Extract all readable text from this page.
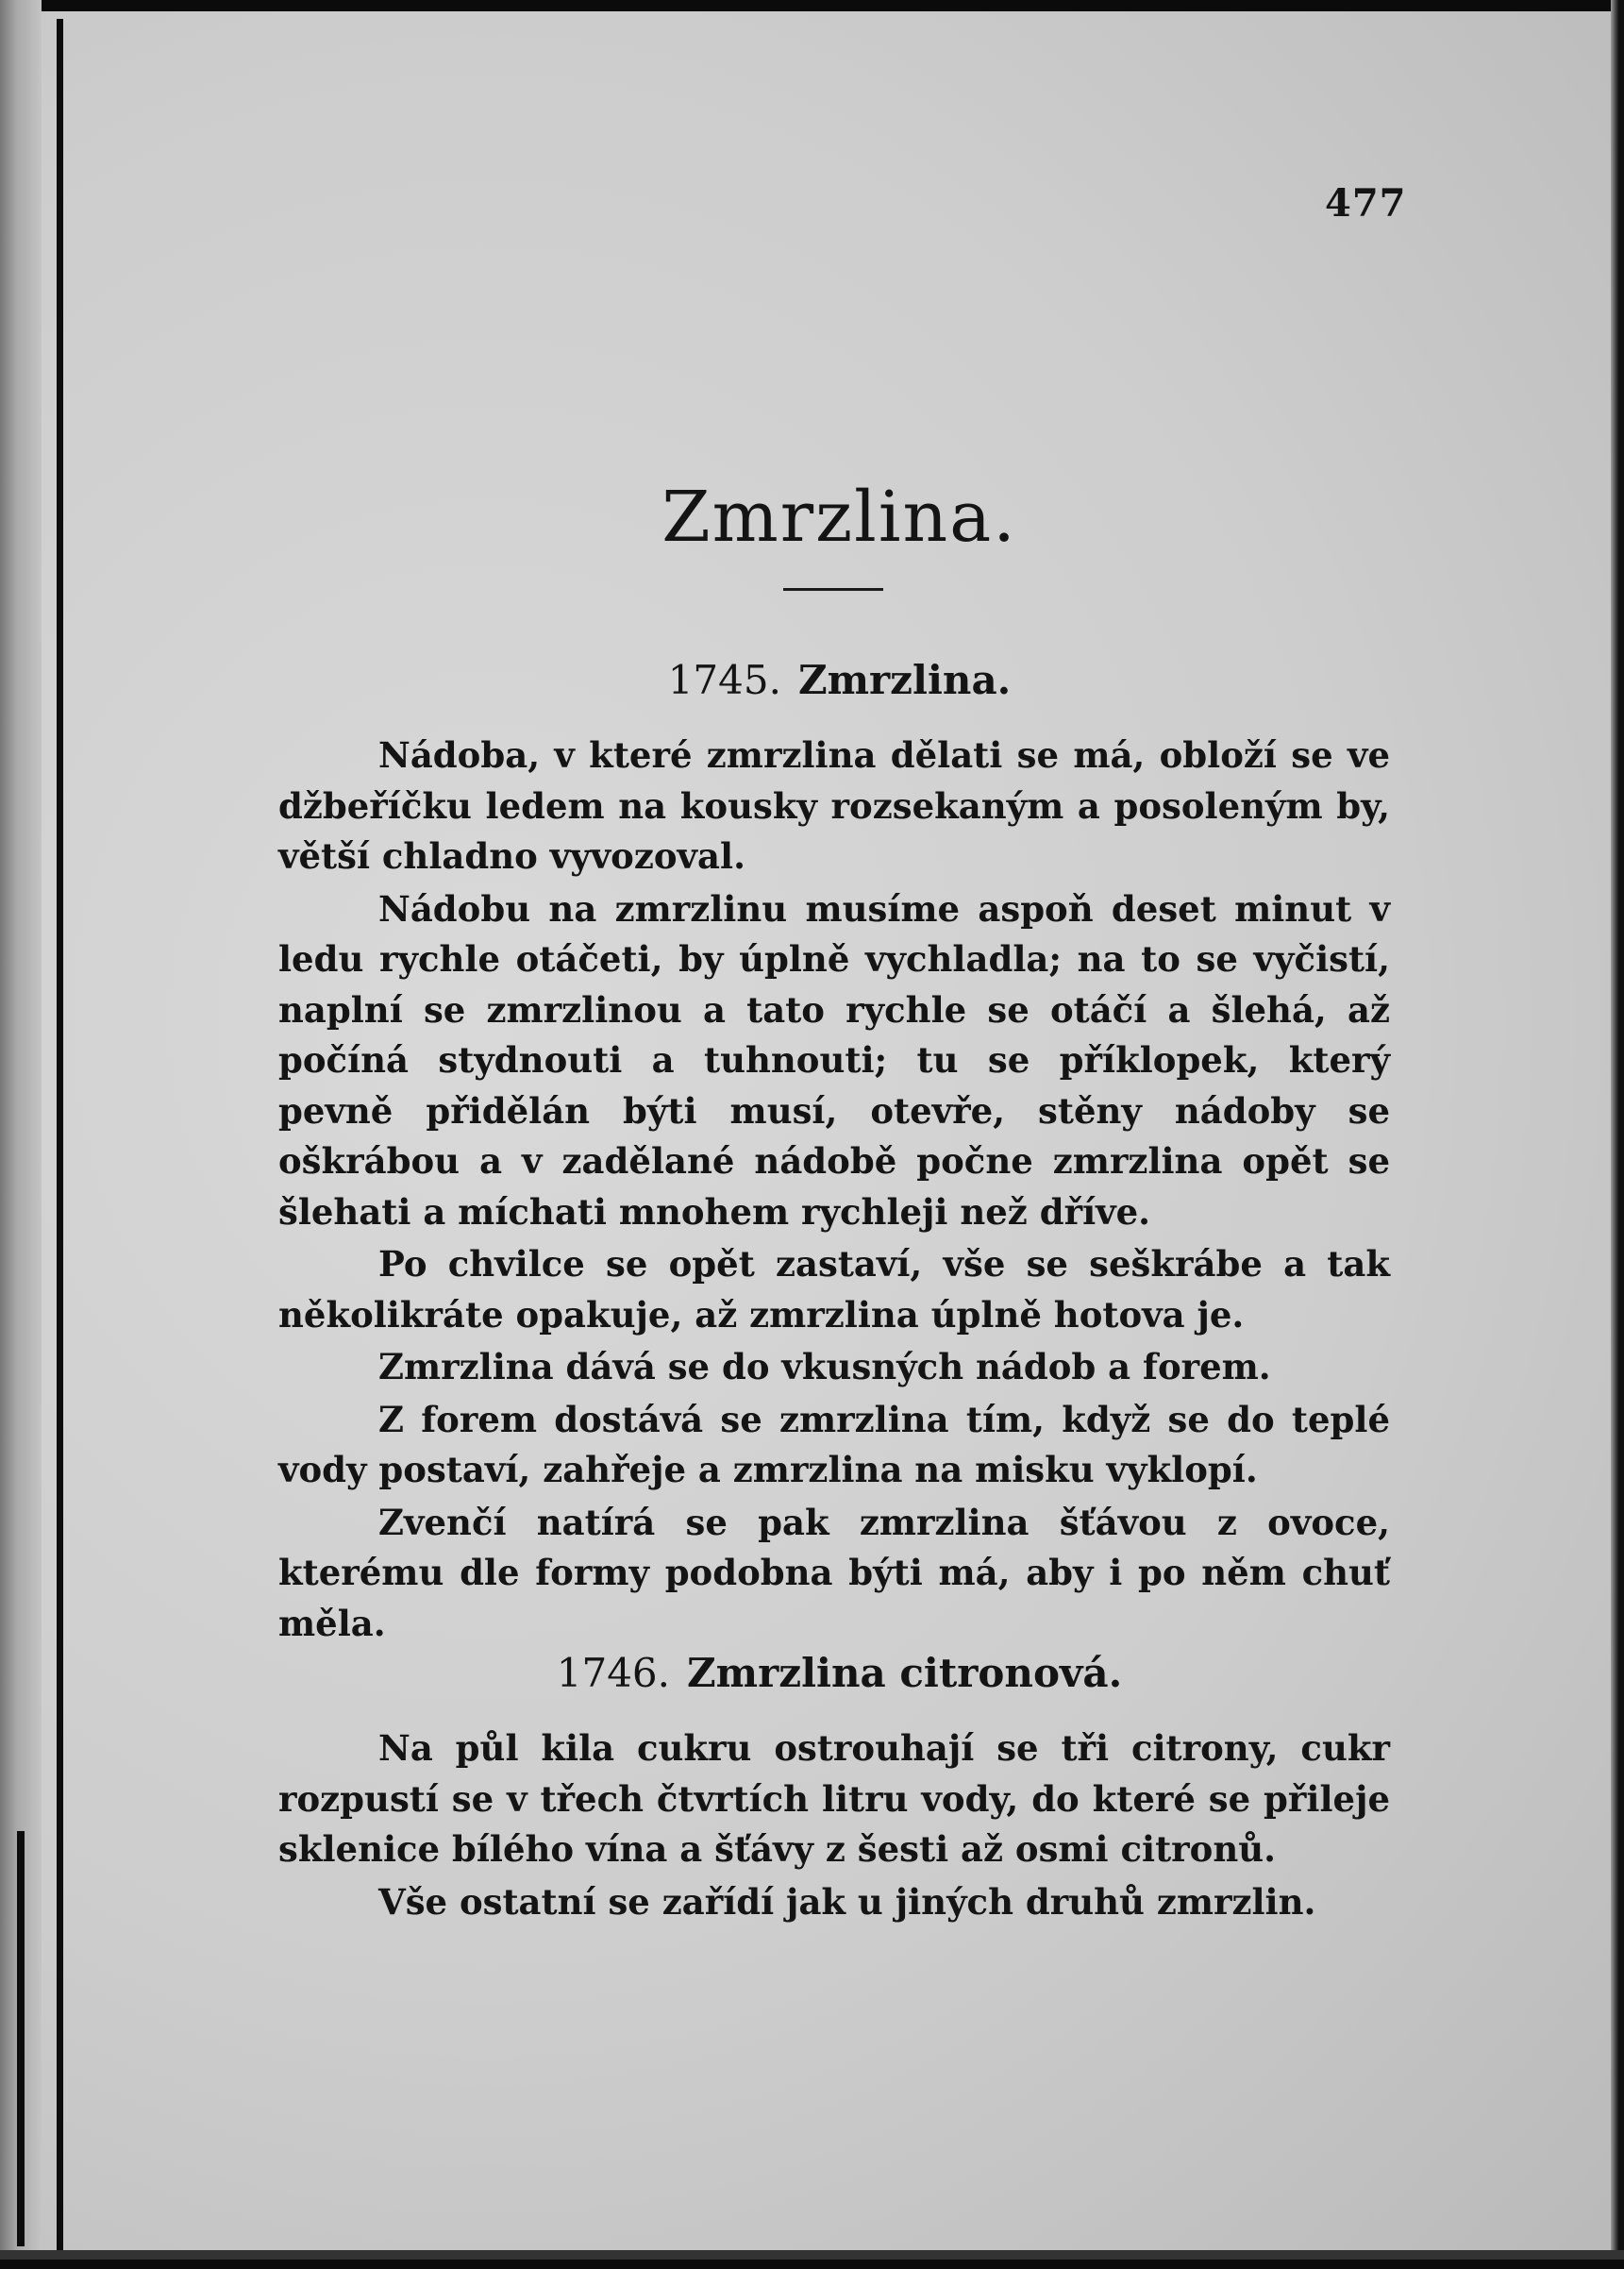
477
Zmrzlina.
1745. Zmrzlina.

Nádoba, v které zmrzlina dělati se má, obloží se ve džbeříčku ledem na kousky rozsekaným a posoleným by, větší chladno vyvozoval.

Nádobu na zmrzlinu musíme aspoň deset minut v ledu rychle otáčeti, by úplně vychladla; na to se vyčistí, naplní se zmrzlinou a tato rychle se otáčí a šlehá, až počíná stydnouti a tuhnouti; tu se příklopek, který pevně přidělán býti musí, otevře, stěny nádoby se oškrábou a v zadělané nádobě počne zmrzlina opět se šlehati a míchati mnohem rychleji než dříve.

Po chvilce se opět zastaví, vše se seškrábe a tak několikráte opakuje, až zmrzlina úplně hotova je.

Zmrzlina dává se do vkusných nádob a forem.

Z forem dostává se zmrzlina tím, když se do teplé vody postaví, zahřeje a zmrzlina na misku vyklopí.

Zvenčí natírá se pak zmrzlina šťávou z ovoce, kterému dle formy podobna býti má, aby i po něm chuť měla.

1746. Zmrzlina citronová.

Na půl kila cukru ostrouhají se tři citrony, cukr rozpustí se v třech čtvrtích litru vody, do které se přileje sklenice bílého vína a šťávy z šesti až osmi citronů.

Vše ostatní se zařídí jak u jiných druhů zmrzlin.
